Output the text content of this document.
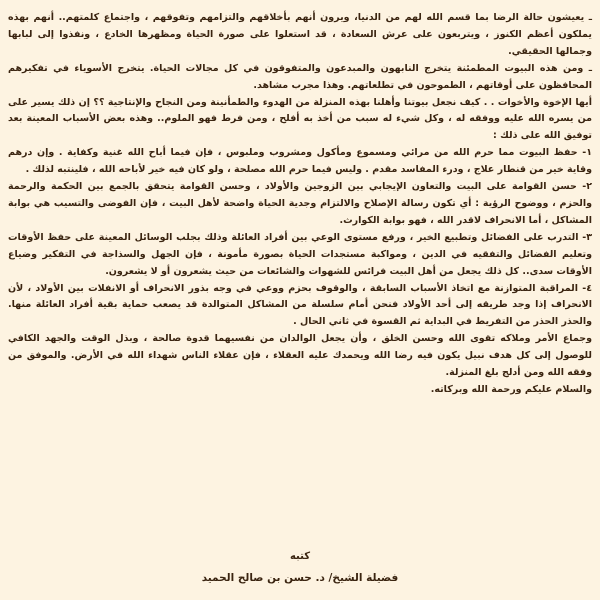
ـ يعيشون حالة الرضا بما قسم الله لهم من الدنيا، ويرون أنهم بأخلاقهم والتزامهم وتفوقهم ، واجتماع كلمتهم.. أنهم بهذه يملكون أعظم الكنوز ، ويتربعون على عرش السعادة ، قد استعلوا على صورة الحياة ومظهرها الخادع ، ونفذوا إلى لبابها وجمالها الحقيقي.

ـ ومن هذه البيوت المطمئنة يتخرج النابهون والمبدعون والمتفوقون في كل مجالات الحياة. يتخرج الأسوياء في تفكيرهم المحافظون على أوقاتهم ، الطموحون في تطلعاتهم. وهذا مجرب مشاهد.

أيها الإخوة والأخوات . . كيف نجعل بيوتنا وأهلنا بهذه المنزلة من الهدوء والطمأنينة ومن النجاح والإنتاجية ؟؟ إن ذلك يسير على من يسره الله عليه ووفقه له ، وكل شيء له سبب من أخذ به أفلح ، ومن فرط فهو الملوم.. وهذه بعض الأسباب المعينة بعد توفيق الله على ذلك :

١- حفظ البيوت مما حرم الله من مرائي ومسموع ومأكول ومشروب وملبوس ، فإن فيما أباح الله غنية وكفاية . وإن درهم وقاية خير من قنطار علاج ، ودرء المفاسد مقدم . وليس فيما حرم الله مصلحة ، ولو كان فيه خير لأباحه الله ، فلينتبه لذلك .

٢- حسن القوامة على البيت والتعاون الإيجابي بين الزوجين والأولاد ، وحسن القوامة يتحقق بالجمع بين الحكمة والرحمة والحزم ، ووضوح الرؤية : أي تكون رسالة الإصلاح والالتزام وجدية الحياة واضحة لأهل البيت ، فإن الفوضى والتسيب هي بوابة المشاكل ، أما الانحراف لاقدر الله ، فهو بوابة الكوارث.

٣- التدرب على الفضائل وتطبيع الخير ، ورفع مستوى الوعي بين أفراد العائلة وذلك بجلب الوسائل المعينة على حفظ الأوقات وتعليم الفضائل والتفقيه في الدين ، ومواكبة مستجدات الحياة بصورة مأمونة ، فإن الجهل والسذاجة في التفكير وضياع الأوقات سدى.. كل ذلك يجعل من أهل البيت فرائس للشهوات والشائعات من حيث يشعرون أو لا يشعرون.

٤- المراقبة المتوازنة مع اتخاذ الأسباب السابقة ، والوقوف بحزم ووعي في وجه بذور الانحراف أو الانفلات بين الأولاد ، لأن الانحراف إذا وجد طريقه إلى أحد الأولاد فنحن أمام سلسلة من المشاكل المتوالدة قد يصعب حماية بقية أفراد العائلة منها. والحذر الحذر من التفريط في البداية ثم القسوة في ثاني الحال .

وجماع الأمر وملاكه تقوى الله وحسن الخلق ، وأن يجعل الوالدان من نفسيهما قدوة صالحة ، وبذل الوقت والجهد الكافي للوصول إلى كل هدف نبيل يكون فيه رضا الله ويحمدك عليه العقلاء ، فإن عقلاء الناس شهداء الله في الأرض. والموفق من وفقه الله ومن أدلج بلغ المنزلة.

والسلام عليكم ورحمة الله وبركاته.

كتبه
فضيلة الشيخ/ د. حسن بن صالح الحميد
